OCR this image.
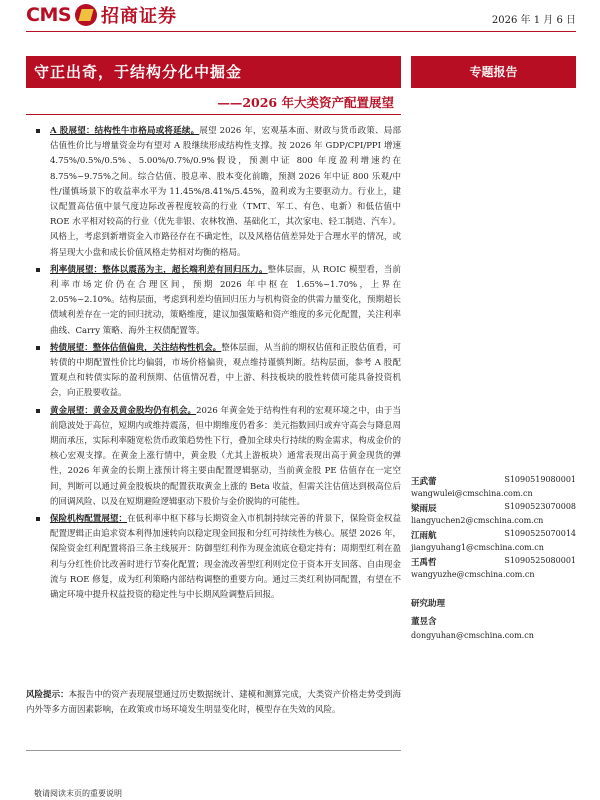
CMS 招商证券	2026 年 1 月 6 日
守正出奇，于结构分化中掘金
——2026 年大类资产配置展望
专题报告
A 股展望：结构性牛市格局或将延续。展望 2026 年，宏观基本面、财政与货币政策、局部估值性价比与增量资金均有望对 A 股继续形成结构性支撑。按 2026 年 GDP/CPI/PPI 增速 4.75%/0.5%/0.5%、5.00%/0.7%/0.9%假设，预测中证 800 年度盈利增速约在 8.75%~9.75%之间。综合估值、股息率、股本变化前瞻，预测 2026 年中证 800 乐观/中性/谨慎场景下的收益率水平为 11.45%/8.41%/5.45%，盈利或为主要驱动力。行业上，建议配置高估值中景气度边际改善程度较高的行业（TMT、军工、有色、电新）和低估值中 ROE 水平相对较高的行业（优先非银、农林牧渔、基础化工，其次家电、轻工制造、汽车）。风格上，考虑到新增资金入市路径存在不确定性，以及风格估值差异处于合理水平的情况，或将呈现大小盘和成长价值风格走势相对均衡的格局。
利率债展望：整体以震荡为主，超长端利差有回归压力。整体层面，从 ROIC 模型看，当前利率市场定价仍在合理区间，预期 2026 年中枢在 1.65%~1.70%，上界在 2.05%~2.10%。结构层面，考虑到利差均值回归压力与机构资金的供需力量变化，预期超长债域利差存在一定的回归扰动，策略维度，建议加强策略和资产维度的多元化配置，关注利率曲线、Carry 策略、海外主权债配置等。
转债展望：整体估值偏贵，关注结构性机会。整体层面，从当前的期权估值和正股估值看，可转债的中期配置性价比均偏弱，市场价格偏贵，观点维持谨慎判断。结构层面，参考 A 股配置观点和转债实际的盈利预期、估值情况看，中上游、科技板块的股性转债可能具备投资机会，向正股要收益。
黄金展望：黄金及黄金股均仍有机会。2026 年黄金处于结构性有利的宏观环境之中，由于当前隐波处于高位，短期内或维持震荡，但中期维度仍看多：美元指数回归或弃守高会与降息周期而承压，实际利率随宽松货币政策趋势性下行，叠加全球央行持续的购金需求，构成金价的核心宏观支撑。在黄金上涨行情中，黄金股（尤其上游板块）通常表现出高于黄金现货的弹性，2026 年黄金的长期上涨预计将主要由配置逻辑驱动，当前黄金股 PE 估值存在一定空间，判断可以通过黄金股板块的配置获取黄金上涨的 Beta 收益，但需关注估值达到极高位后的回调风险、以及在短期避险逻辑驱动下股价与金价脱钩的可能性。
保险机构配置展望：在低利率中枢下移与长期资金入市机制持续完善的背景下，保险资金权益配置逻辑正由追求资本利得加速转向以稳定现金回报和分红可持续性为核心。展望 2026 年，保险资金红利配置将沿三条主线展开：防御型红利作为现金流底仓稳定持有；周期型红利在盈利与分红性价比改善时进行节奏化配置；现金流改善型红利则定位于资本开支回落、自由现金流与 ROE 修复，成为红利策略内部结构调整的重要方向。通过三类红利协同配置，有望在不确定环境中提升权益投资的稳定性与中长期风险调整后回报。
风险提示：本报告中的资产表现展望通过历史数据统计、建模和测算完成，大类资产价格走势受到海内外等多方面因素影响，在政策或市场环境发生明显变化时，模型存在失效的风险。
敬请阅读末页的重要说明
王武蕾	S1090519080001
wangwulei@cmschina.com.cn
梁雨辰	S1090523070008
liangyuchen2@cmschina.com.cn
江雨航	S1090525070014
jiangyuhang1@cmschina.com.cn
王禹哲	S1090525080001
wangyuzhe@cmschina.com.cn
研究助理
董昱含
dongyuhan@cmschina.com.cn
